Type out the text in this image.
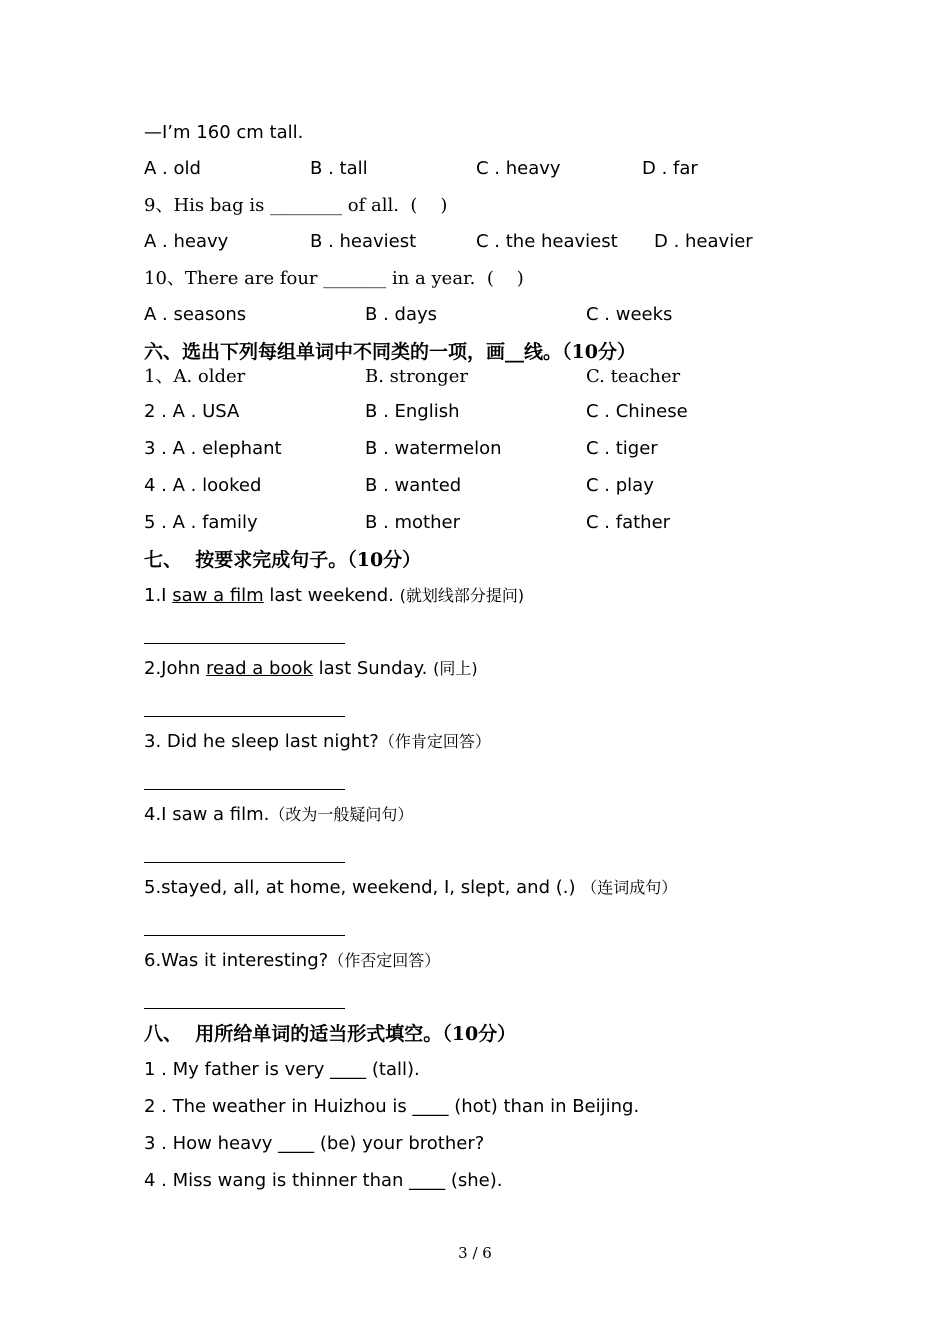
—I’m 160 cm tall.
A . old	B . tall	C . heavy	D . far
9、His bag is ________ of all.  (    )
A . heavy	B . heaviest	C . the heaviest D . heavier
10、There are four _______ in a year.  (    )
A . seasons	B . days	C . weeks
六、选出下列每组单词中不同类的一项，画__线。（10分）
1、A. older	B. stronger	C. teacher
2 . A . USA	B . English	C . Chinese
3 . A . elephant	B . watermelon	C . tiger
4 . A . looked	B . wanted	C . play
5 . A . family	B . mother	C . father
七、  按要求完成句子。（10分）
1.I saw a film last weekend. (就划线部分提问)
2.John read a book last Sunday. (同上)
3. Did he sleep last night?（作肯定回答）
4.I saw a film.（改为一般疑问句）
5.stayed, all, at home, weekend, I, slept, and (.) （连词成句）
6.Was it interesting?（作否定回答）
八、  用所给单词的适当形式填空。（10分）
1 . My father is very ____ (tall).
2 . The weather in Huizhou is ____ (hot) than in Beijing.
3 . How heavy ____ (be) your brother?
4 . Miss wang is thinner than ____ (she).
3 / 6
